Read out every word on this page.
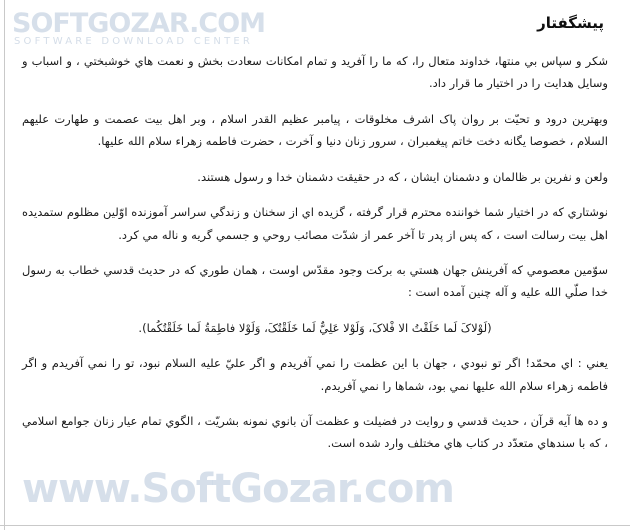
پیشگفتار

شکر و سپاس بي منتها، خداوند متعال را، که ما را آفريد و تمام امکانات سعادت بخش و نعمت هاي خوشبختي ، و اسباب و وسايل هدايت را در اختيار ما قرار داد.

وبهترين درود و تحيّت بر روان پاک اشرف مخلوقات ، پيامبر عظيم القدر اسلام ، وبر اهل بيت عصمت و طهارت عليهم السلام ، خصوصا يگانه دخت خاتم پيغمبران ، سرور زنان دنيا و آخرت ، حضرت فاطمه زهراء سلام الله عليها.

ولعن و نفرين بر ظالمان و دشمنان ايشان ، که در حقيقت دشمنان خدا و رسول هستند.

نوشتاري که در اختيار شما خواننده محترم قرار گرفته ، گزيده اي از سخنان و زندگي سراسر آموزنده اوّلين مظلوم ستمديده اهل بيت رسالت است ، که پس از پدر تا آخر عمر از شدّت مصائب روحي و جسمي گريه و ناله مي کرد.

سوّمين معصومي که آفرينش جهان هستي به برکت وجود مقدّس اوست ، همان طوري که در حديث قدسي خطاب به رسول خدا صلّي الله عليه و آله چنين آمده است :

(لَوْلاکَ لَما خَلَقْتُ الا فْلاکَ، وَلَوْلا عَلِيٌّ لَما خَلَقْتُکَ، وَلَوْلا فاطِمَةُ لَما خَلَقْتُکُما).

يعني : اي محمّد! اگر تو نبودي ، جهان با اين عظمت را نمي آفريدم و اگر عليّ عليه السلام نبود، تو را نمي آفريدم و اگر فاطمه زهراء سلام الله عليها نمي بود، شماها را نمي آفريدم.

و ده ها آيه قرآن ، حديث قدسي و روايت در فضيلت و عظمت آن بانوي نمونه بشريّت ، الگوي تمام عيار زنان جوامع اسلامي ، که با سندهاي متعدّد در کتاب هاي مختلف وارد شده است.

SOFTGOZAR.COM
SOFTWARE DOWNLOAD CENTER
www.SoftGozar.com
